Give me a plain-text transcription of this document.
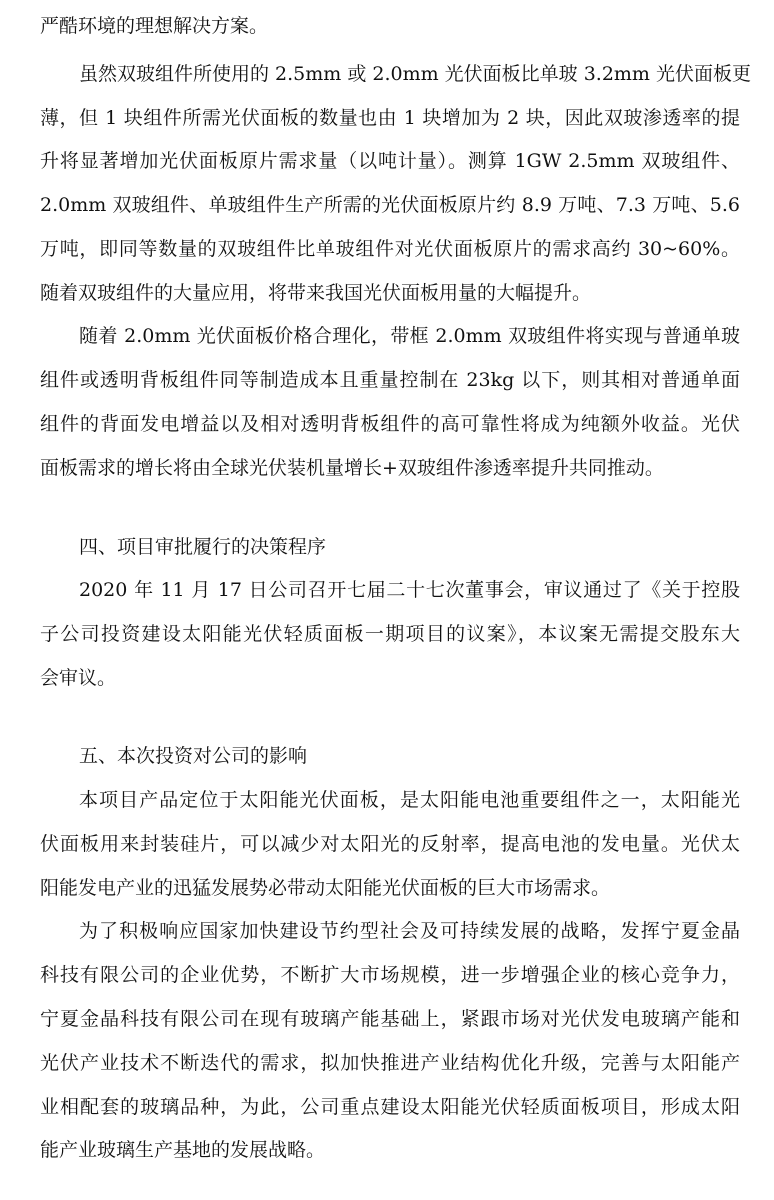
严酷环境的理想解决方案。
虽然双玻组件所使用的 2.5mm 或 2.0mm 光伏面板比单玻 3.2mm 光伏面板更
薄，但 1 块组件所需光伏面板的数量也由 1 块增加为 2 块，因此双玻渗透率的提
升将显著增加光伏面板原片需求量（以吨计量）。测算 1GW 2.5mm 双玻组件、
2.0mm 双玻组件、单玻组件生产所需的光伏面板原片约 8.9 万吨、7.3 万吨、5.6
万吨，即同等数量的双玻组件比单玻组件对光伏面板原片的需求高约 30~60%。
随着双玻组件的大量应用，将带来我国光伏面板用量的大幅提升。
随着 2.0mm 光伏面板价格合理化，带框 2.0mm 双玻组件将实现与普通单玻
组件或透明背板组件同等制造成本且重量控制在 23kg 以下，则其相对普通单面
组件的背面发电增益以及相对透明背板组件的高可靠性将成为纯额外收益。光伏
面板需求的增长将由全球光伏装机量增长+双玻组件渗透率提升共同推动。
四、项目审批履行的决策程序
2020 年 11 月 17 日公司召开七届二十七次董事会，审议通过了《关于控股
子公司投资建设太阳能光伏轻质面板一期项目的议案》，本议案无需提交股东大
会审议。
五、本次投资对公司的影响
本项目产品定位于太阳能光伏面板，是太阳能电池重要组件之一，太阳能光
伏面板用来封装硅片，可以减少对太阳光的反射率，提高电池的发电量。光伏太
阳能发电产业的迅猛发展势必带动太阳能光伏面板的巨大市场需求。
为了积极响应国家加快建设节约型社会及可持续发展的战略，发挥宁夏金晶
科技有限公司的企业优势，不断扩大市场规模，进一步增强企业的核心竞争力，
宁夏金晶科技有限公司在现有玻璃产能基础上，紧跟市场对光伏发电玻璃产能和
光伏产业技术不断迭代的需求，拟加快推进产业结构优化升级，完善与太阳能产
业相配套的玻璃品种，为此，公司重点建设太阳能光伏轻质面板项目，形成太阳
能产业玻璃生产基地的发展战略。
